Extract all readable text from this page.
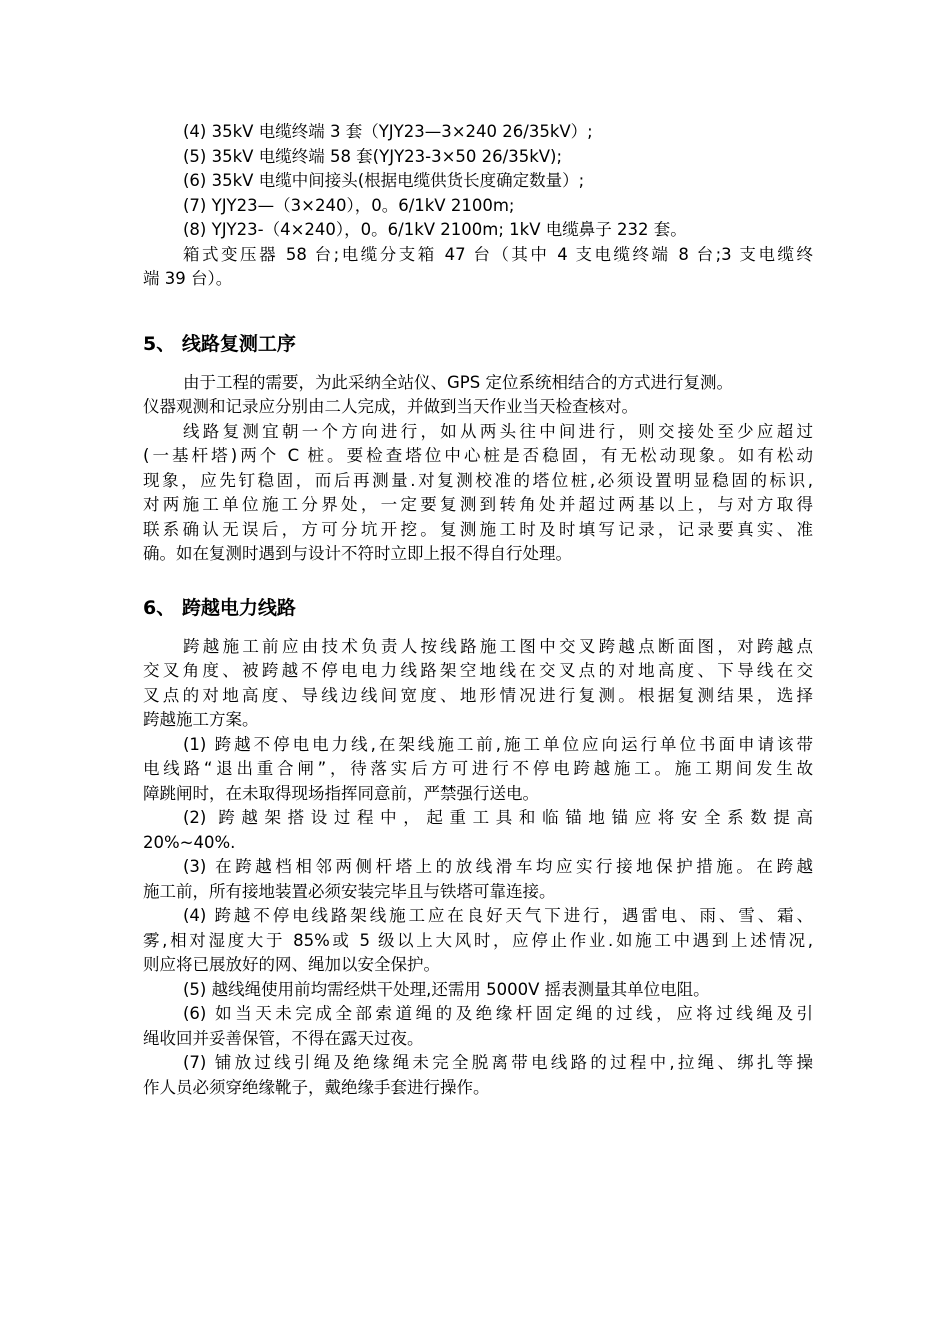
(4) 35kV 电缆终端 3 套（YJY23—3×240 26/35kV）;
(5) 35kV 电缆终端 58 套(YJY23-3×50 26/35kV);
(6) 35kV 电缆中间接头(根据电缆供货长度确定数量）;
(7) YJY23—（3×240），0。6/1kV 2100m;
(8) YJY23-（4×240），0。6/1kV 2100m; 1kV 电缆鼻子 232 套。
箱式变压器 58 台;电缆分支箱 47 台（其中 4 支电缆终端 8 台;3 支电缆终
端 39 台）。
5、 线路复测工序
由于工程的需要，为此采纳全站仪、GPS 定位系统相结合的方式进行复测。
仪器观测和记录应分别由二人完成，并做到当天作业当天检查核对。
线路复测宜朝一个方向进行，如从两头往中间进行，则交接处至少应超过
(一基杆塔)两个 C 桩。要检查塔位中心桩是否稳固，有无松动现象。如有松动
现象，应先钉稳固，而后再测量.对复测校准的塔位桩,必须设置明显稳固的标识,
对两施工单位施工分界处，一定要复测到转角处并超过两基以上，与对方取得
联系确认无误后，方可分坑开挖。复测施工时及时填写记录，记录要真实、准
确。如在复测时遇到与设计不符时立即上报不得自行处理。
6、 跨越电力线路
跨越施工前应由技术负责人按线路施工图中交叉跨越点断面图，对跨越点
交叉角度、被跨越不停电电力线路架空地线在交叉点的对地高度、下导线在交
叉点的对地高度、导线边线间宽度、地形情况进行复测。根据复测结果，选择
跨越施工方案。
(1) 跨越不停电电力线,在架线施工前,施工单位应向运行单位书面申请该带
电线路“退出重合闸”，待落实后方可进行不停电跨越施工。施工期间发生故
障跳闸时，在未取得现场指挥同意前，严禁强行送电。
(2) 跨越架搭设过程中，起重工具和临锚地锚应将安全系数提高
20%~40%.
(3) 在跨越档相邻两侧杆塔上的放线滑车均应实行接地保护措施。在跨越
施工前，所有接地装置必须安装完毕且与铁塔可靠连接。
(4) 跨越不停电线路架线施工应在良好天气下进行，遇雷电、雨、雪、霜、
雾,相对湿度大于 85%或 5 级以上大风时，应停止作业.如施工中遇到上述情况,
则应将已展放好的网、绳加以安全保护。
(5) 越线绳使用前均需经烘干处理,还需用 5000V 摇表测量其单位电阻。
(6) 如当天未完成全部索道绳的及绝缘杆固定绳的过线，应将过线绳及引
绳收回并妥善保管，不得在露天过夜。
(7) 铺放过线引绳及绝缘绳未完全脱离带电线路的过程中,拉绳、绑扎等操
作人员必须穿绝缘靴子，戴绝缘手套进行操作。
